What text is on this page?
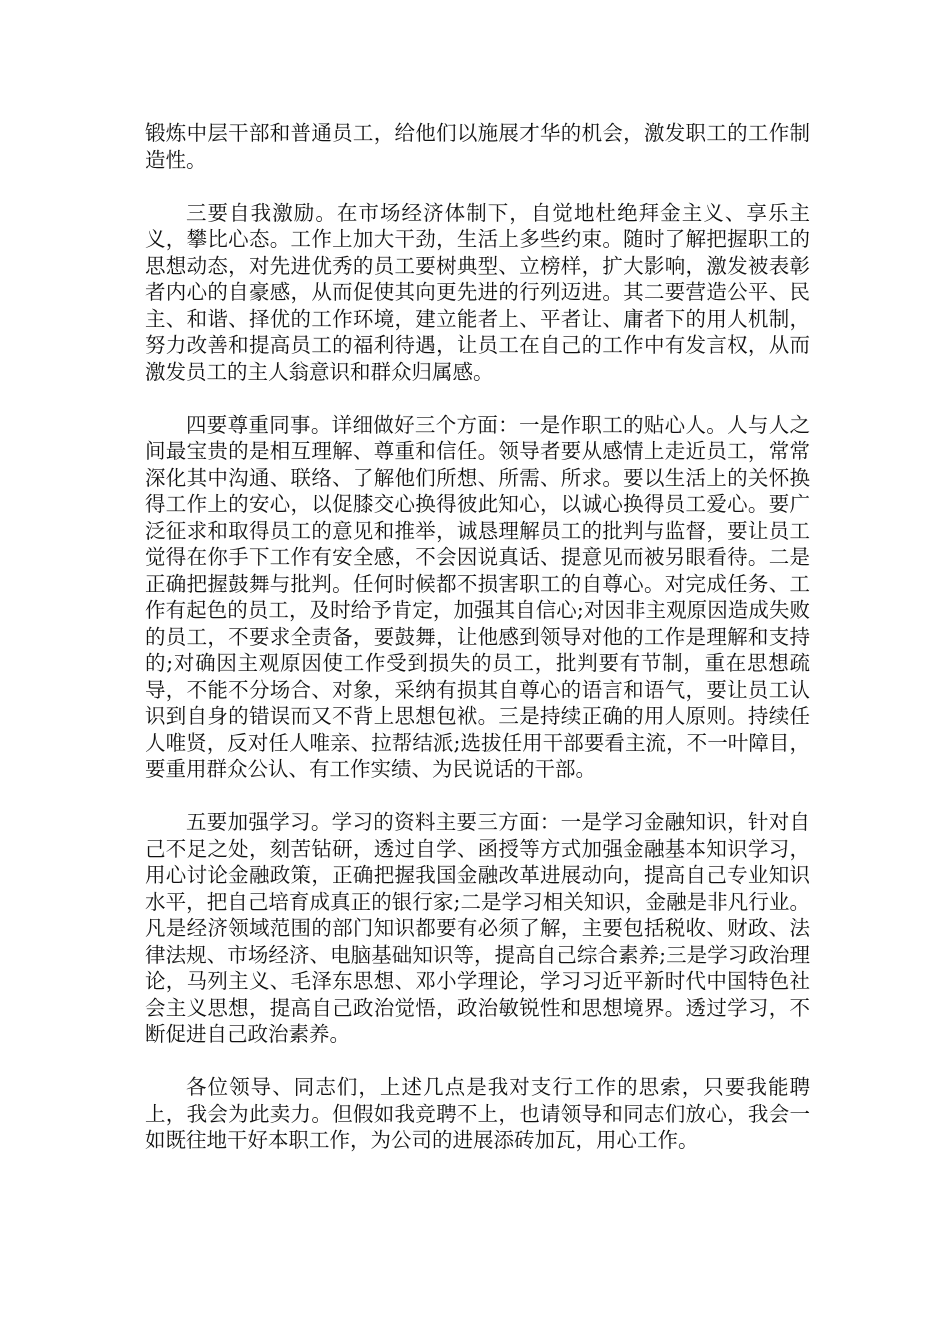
锻炼中层干部和普通员工，给他们以施展才华的机会，激发职工的工作制造性。

三要自我激励。在市场经济体制下，自觉地杜绝拜金主义、享乐主义，攀比心态。工作上加大干劲，生活上多些约束。随时了解把握职工的思想动态，对先进优秀的员工要树典型、立榜样，扩大影响，激发被表彰者内心的自豪感，从而促使其向更先进的行列迈进。其二要营造公平、民主、和谐、择优的工作环境，建立能者上、平者让、庸者下的用人机制，努力改善和提高员工的福利待遇，让员工在自己的工作中有发言权，从而激发员工的主人翁意识和群众归属感。

四要尊重同事。详细做好三个方面：一是作职工的贴心人。人与人之间最宝贵的是相互理解、尊重和信任。领导者要从感情上走近员工，常常深化其中沟通、联络、了解他们所想、所需、所求。要以生活上的关怀换得工作上的安心，以促膝交心换得彼此知心，以诚心换得员工爱心。要广泛征求和取得员工的意见和推举，诚恳理解员工的批判与监督，要让员工觉得在你手下工作有安全感，不会因说真话、提意见而被另眼看待。二是正确把握鼓舞与批判。任何时候都不损害职工的自尊心。对完成任务、工作有起色的员工，及时给予肯定，加强其自信心;对因非主观原因造成失败的员工，不要求全责备，要鼓舞，让他感到领导对他的工作是理解和支持的;对确因主观原因使工作受到损失的员工，批判要有节制，重在思想疏导，不能不分场合、对象，采纳有损其自尊心的语言和语气，要让员工认识到自身的错误而又不背上思想包袱。三是持续正确的用人原则。持续任人唯贤，反对任人唯亲、拉帮结派;选拔任用干部要看主流，不一叶障目，要重用群众公认、有工作实绩、为民说话的干部。

五要加强学习。学习的资料主要三方面：一是学习金融知识，针对自己不足之处，刻苦钻研，透过自学、函授等方式加强金融基本知识学习，用心讨论金融政策，正确把握我国金融改革进展动向，提高自己专业知识水平，把自己培育成真正的银行家;二是学习相关知识，金融是非凡行业。凡是经济领域范围的部门知识都要有必须了解，主要包括税收、财政、法律法规、市场经济、电脑基础知识等，提高自己综合素养;三是学习政治理论，马列主义、毛泽东思想、邓小学理论，学习习近平新时代中国特色社会主义思想，提高自己政治觉悟，政治敏锐性和思想境界。透过学习，不断促进自己政治素养。

各位领导、同志们，上述几点是我对支行工作的思索，只要我能聘上，我会为此卖力。但假如我竞聘不上，也请领导和同志们放心，我会一如既往地干好本职工作，为公司的进展添砖加瓦，用心工作。
